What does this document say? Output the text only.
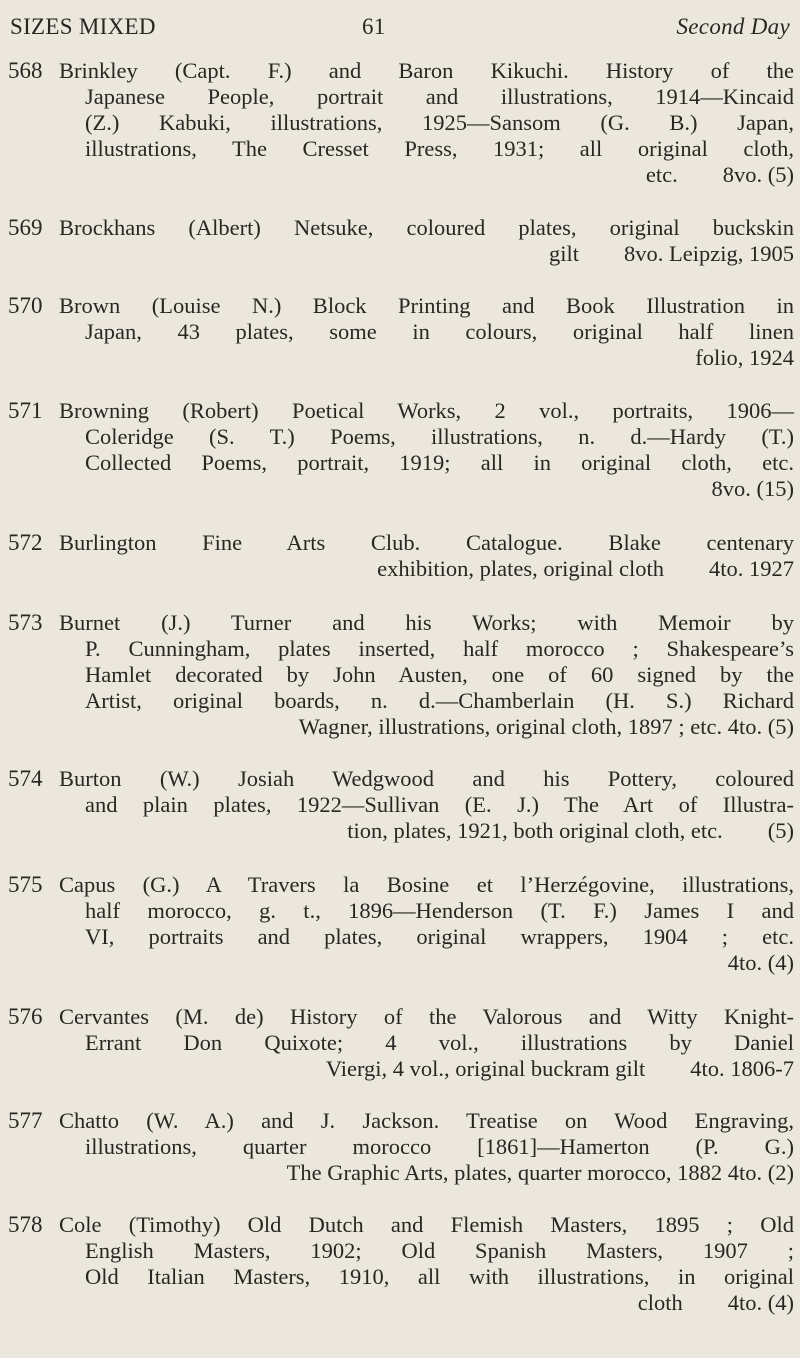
SIZES MIXED	61	Second Day
568 Brinkley (Capt. F.) and Baron Kikuchi. History of the
Japanese People, portrait and illustrations, 1914—Kincaid
(Z.) Kabuki, illustrations, 1925—Sansom (G. B.) Japan,
illustrations, The Cresset Press, 1931; all original cloth,
etc.  8vo. (5)
569 Brockhans (Albert) Netsuke, coloured plates, original buckskin
gilt  8vo. Leipzig, 1905
570 Brown (Louise N.) Block Printing and Book Illustration in
Japan, 43 plates, some in colours, original half linen
folio, 1924
571 Browning (Robert) Poetical Works, 2 vol., portraits, 1906—
Coleridge (S. T.) Poems, illustrations, n. d.—Hardy (T.)
Collected Poems, portrait, 1919; all in original cloth, etc.
8vo. (15)
572 Burlington Fine Arts Club. Catalogue. Blake centenary
exhibition, plates, original cloth  4to. 1927
573 Burnet (J.) Turner and his Works; with Memoir by
P. Cunningham, plates inserted, half morocco ; Shakespeare’s
Hamlet decorated by John Austen, one of 60 signed by the
Artist, original boards, n. d.—Chamberlain (H. S.) Richard
Wagner, illustrations, original cloth, 1897 ; etc. 4to. (5)
574 Burton (W.) Josiah Wedgwood and his Pottery, coloured
and plain plates, 1922—Sullivan (E. J.) The Art of Illustra-
tion, plates, 1921, both original cloth, etc.  (5)
575 Capus (G.) A Travers la Bosine et l’Herzégovine, illustrations,
half morocco, g. t., 1896—Henderson (T. F.) James I and
VI, portraits and plates, original wrappers, 1904 ; etc.
4to. (4)
576 Cervantes (M. de) History of the Valorous and Witty Knight-
Errant Don Quixote; 4 vol., illustrations by Daniel
Viergi, 4 vol., original buckram gilt  4to. 1806-7
577 Chatto (W. A.) and J. Jackson. Treatise on Wood Engraving,
illustrations, quarter morocco [1861]—Hamerton (P. G.)
The Graphic Arts, plates, quarter morocco, 1882 4to. (2)
578 Cole (Timothy) Old Dutch and Flemish Masters, 1895 ; Old
English Masters, 1902; Old Spanish Masters, 1907 ;
Old Italian Masters, 1910, all with illustrations, in original
cloth  4to. (4)
